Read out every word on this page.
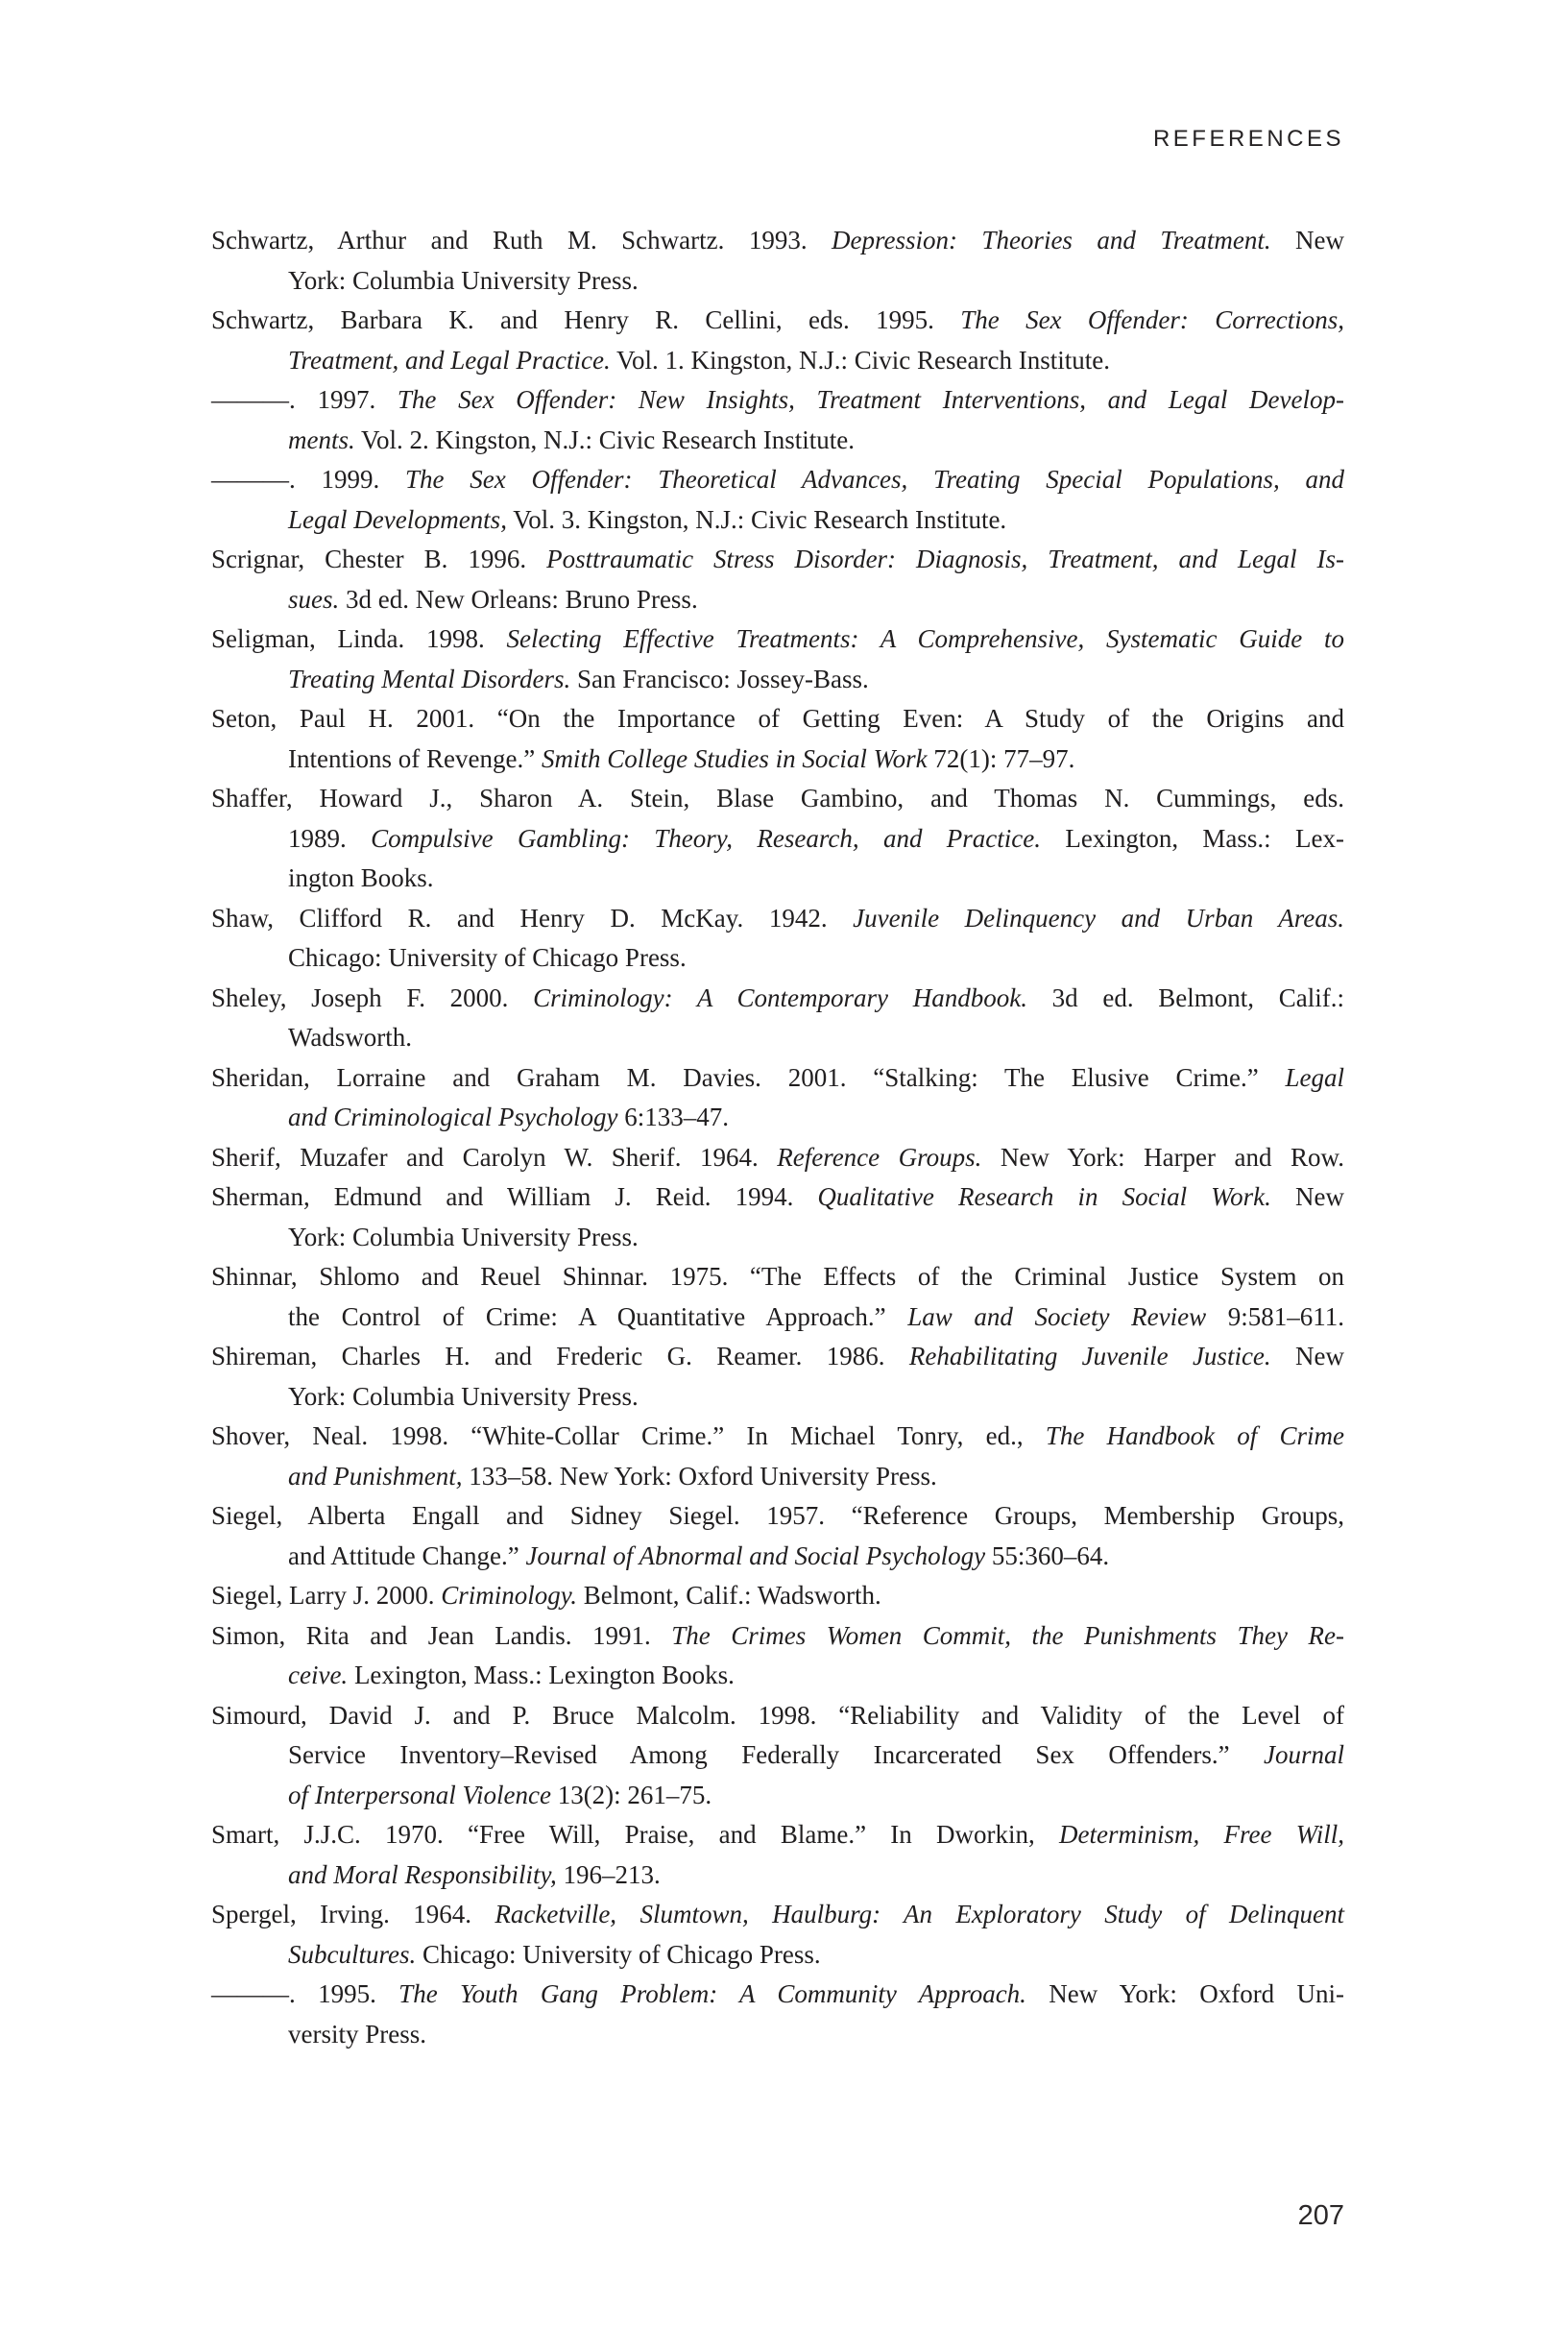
REFERENCES
Schwartz, Arthur and Ruth M. Schwartz. 1993. Depression: Theories and Treatment. New
York: Columbia University Press.
Schwartz, Barbara K. and Henry R. Cellini, eds. 1995. The Sex Offender: Corrections,
Treatment, and Legal Practice. Vol. 1. Kingston, N.J.: Civic Research Institute.
———. 1997. The Sex Offender: New Insights, Treatment Interventions, and Legal Develop-
ments. Vol. 2. Kingston, N.J.: Civic Research Institute.
———. 1999. The Sex Offender: Theoretical Advances, Treating Special Populations, and
Legal Developments, Vol. 3. Kingston, N.J.: Civic Research Institute.
Scrignar, Chester B. 1996. Posttraumatic Stress Disorder: Diagnosis, Treatment, and Legal Is-
sues. 3d ed. New Orleans: Bruno Press.
Seligman, Linda. 1998. Selecting Effective Treatments: A Comprehensive, Systematic Guide to
Treating Mental Disorders. San Francisco: Jossey-Bass.
Seton, Paul H. 2001. “On the Importance of Getting Even: A Study of the Origins and
Intentions of Revenge.” Smith College Studies in Social Work 72(1): 77–97.
Shaffer, Howard J., Sharon A. Stein, Blase Gambino, and Thomas N. Cummings, eds.
1989. Compulsive Gambling: Theory, Research, and Practice. Lexington, Mass.: Lex-
ington Books.
Shaw, Clifford R. and Henry D. McKay. 1942. Juvenile Delinquency and Urban Areas.
Chicago: University of Chicago Press.
Sheley, Joseph F. 2000. Criminology: A Contemporary Handbook. 3d ed. Belmont, Calif.:
Wadsworth.
Sheridan, Lorraine and Graham M. Davies. 2001. “Stalking: The Elusive Crime.” Legal
and Criminological Psychology 6:133–47.
Sherif, Muzafer and Carolyn W. Sherif. 1964. Reference Groups. New York: Harper and Row.
Sherman, Edmund and William J. Reid. 1994. Qualitative Research in Social Work. New
York: Columbia University Press.
Shinnar, Shlomo and Reuel Shinnar. 1975. “The Effects of the Criminal Justice System on
the Control of Crime: A Quantitative Approach.” Law and Society Review 9:581–611.
Shireman, Charles H. and Frederic G. Reamer. 1986. Rehabilitating Juvenile Justice. New
York: Columbia University Press.
Shover, Neal. 1998. “White-Collar Crime.” In Michael Tonry, ed., The Handbook of Crime
and Punishment, 133–58. New York: Oxford University Press.
Siegel, Alberta Engall and Sidney Siegel. 1957. “Reference Groups, Membership Groups,
and Attitude Change.” Journal of Abnormal and Social Psychology 55:360–64.
Siegel, Larry J. 2000. Criminology. Belmont, Calif.: Wadsworth.
Simon, Rita and Jean Landis. 1991. The Crimes Women Commit, the Punishments They Re-
ceive. Lexington, Mass.: Lexington Books.
Simourd, David J. and P. Bruce Malcolm. 1998. “Reliability and Validity of the Level of
Service Inventory–Revised Among Federally Incarcerated Sex Offenders.” Journal
of Interpersonal Violence 13(2): 261–75.
Smart, J.J.C. 1970. “Free Will, Praise, and Blame.” In Dworkin, Determinism, Free Will,
and Moral Responsibility, 196–213.
Spergel, Irving. 1964. Racketville, Slumtown, Haulburg: An Exploratory Study of Delinquent
Subcultures. Chicago: University of Chicago Press.
———. 1995. The Youth Gang Problem: A Community Approach. New York: Oxford Uni-
versity Press.
207
